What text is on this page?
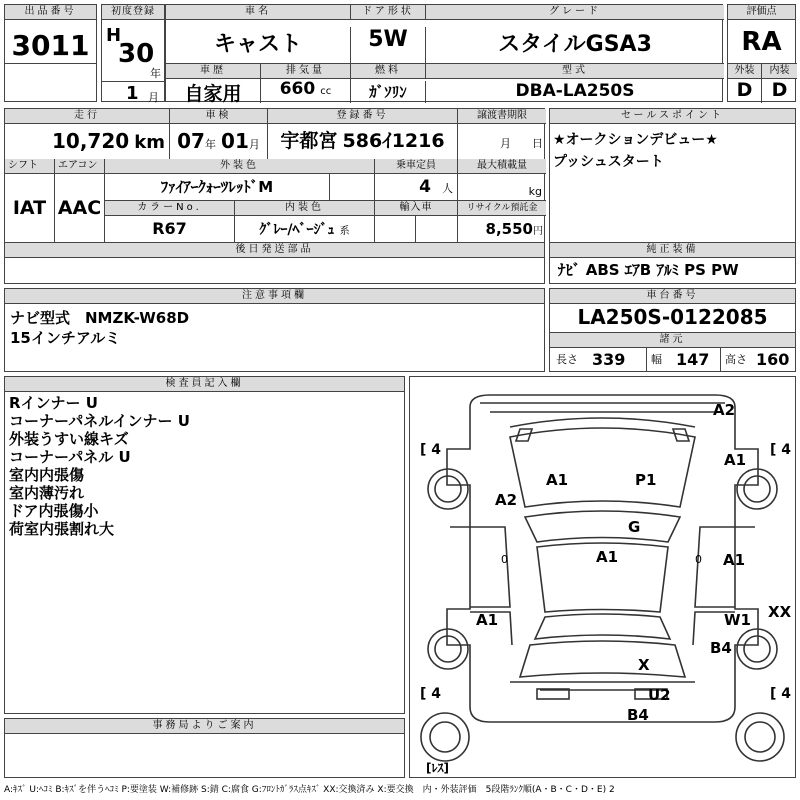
出品番号
3011
初度登録
H
30
年
1 月
車名	ドア形状	グレード
キャスト	5W	スタイルGSA3
車歴	排気量	燃料	型式
自家用	660 cc	ｶﾞｿﾘﾝ	DBA-LA250S
評価点
RA
外装	内装
D	D
走行	車検	登録番号	譲渡書期限
10,720 km 07年 01月	宇都宮 586ｲ1216	月 日
シフト	エアコン	外装色	乗車定員	最大積載量
IAT AAC
ﾌｧｲｱｰｸｫｰﾂﾚｯﾄﾞM	4 人	kg
カラーNo.	内装色	輸入車	リサイクル預託金
R67	ｸﾞﾚｰ/ﾍﾞｰｼﾞｭ 系	8,550円
後日発送部品
セールスポイント
★オークションデビュー★
プッシュスタート
純正装備
ﾅﾋﾞ ABS ｴｱB ｱﾙﾐ PS PW
注意事項欄
ナビ型式　NMZK-W68D
15インチアルミ
車台番号
LA250S-0122085
諸元
長さ 339	幅 147	高さ 160
検査員記入欄
Rインナー U
コーナーパネルインナー U
外装うすい線キズ
コーナーパネル U
室内内張傷
室内薄汚れ
ドア内張傷小
荷室内張割れ大
事務局よりご案内
A2
A1
A1
P1
A2
G
A1	A1
A1	W1 XX
B4
X
U2
B4
[ 4	[ 4
[ 4	[ 4
0	0
[ﾚｽ]
A:ｷｽﾞ U:ﾍｺﾐ B:ｷｽﾞを伴うﾍｺﾐ P:要塗装 W:補修跡 S:錆 C:腐食 G:ﾌﾛﾝﾄｶﾞﾗｽ点ｷｽﾞ XX:交換済み X:要交換　内・外装評価　5段階ﾗﾝｸ順(A・B・C・D・E) 2
